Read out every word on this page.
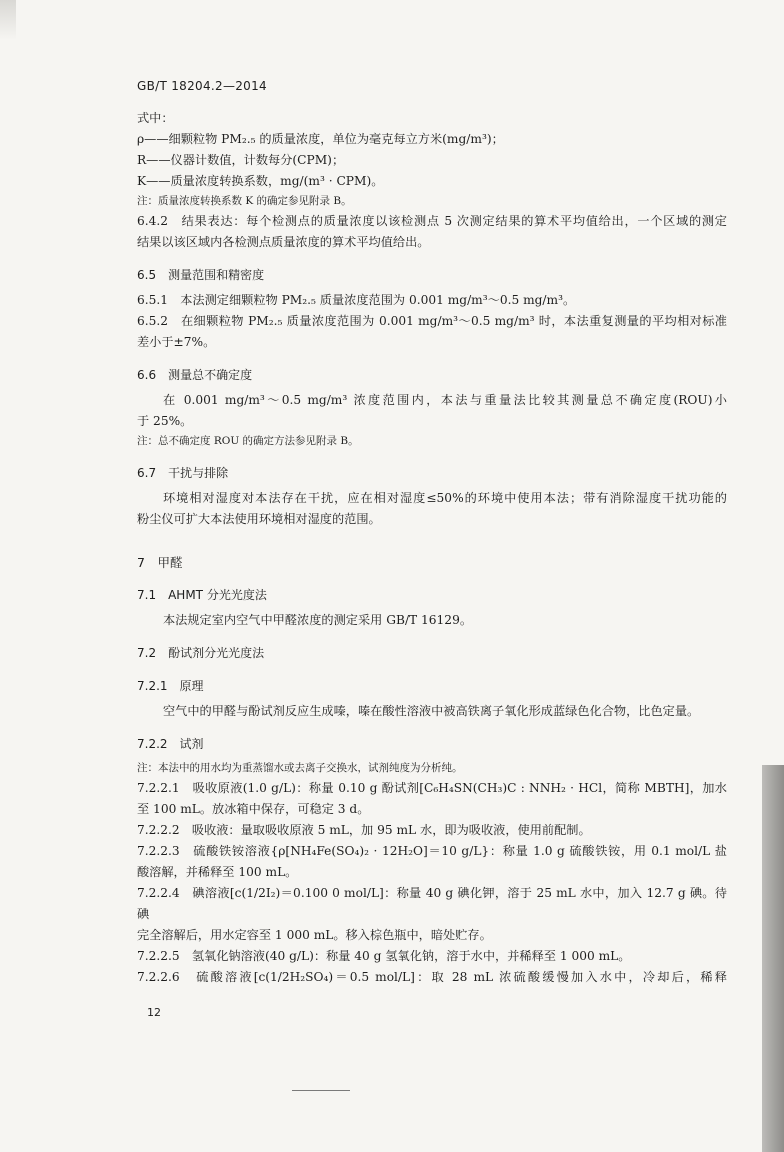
GB/T 18204.2—2014
式中：
ρ——细颗粒物 PM₂.₅ 的质量浓度，单位为毫克每立方米(mg/m³)；
R——仪器计数值，计数每分(CPM)；
K——质量浓度转换系数，mg/(m³ · CPM)。
注：质量浓度转换系数 K 的确定参见附录 B。
6.4.2　结果表达：每个检测点的质量浓度以该检测点 5 次测定结果的算术平均值给出，一个区域的测定
结果以该区域内各检测点质量浓度的算术平均值给出。
6.5　测量范围和精密度
6.5.1　本法测定细颗粒物 PM₂.₅ 质量浓度范围为 0.001 mg/m³～0.5 mg/m³。
6.5.2　在细颗粒物 PM₂.₅ 质量浓度范围为 0.001 mg/m³～0.5 mg/m³ 时，本法重复测量的平均相对标准
差小于±7%。
6.6　测量总不确定度
在 0.001 mg/m³～0.5 mg/m³ 浓度范围内，本法与重量法比较其测量总不确定度(ROU)小
于 25%。
注：总不确定度 ROU 的确定方法参见附录 B。
6.7　干扰与排除
环境相对湿度对本法存在干扰，应在相对湿度≤50%的环境中使用本法；带有消除湿度干扰功能的
粉尘仪可扩大本法使用环境相对湿度的范围。
7　甲醛
7.1　AHMT 分光光度法
本法规定室内空气中甲醛浓度的测定采用 GB/T 16129。
7.2　酚试剂分光光度法
7.2.1　原理
空气中的甲醛与酚试剂反应生成嗪，嗪在酸性溶液中被高铁离子氧化形成蓝绿色化合物，比色定量。
7.2.2　试剂
注：本法中的用水均为重蒸馏水或去离子交换水，试剂纯度为分析纯。
7.2.2.1　吸收原液(1.0 g/L)：称量 0.10 g 酚试剂[C₆H₄SN(CH₃)C : NNH₂ · HCl，简称 MBTH]，加水
至 100 mL。放冰箱中保存，可稳定 3 d。
7.2.2.2　吸收液：量取吸收原液 5 mL，加 95 mL 水，即为吸收液，使用前配制。
7.2.2.3　硫酸铁铵溶液{ρ[NH₄Fe(SO₄)₂ · 12H₂O]＝10 g/L}：称量 1.0 g 硫酸铁铵，用 0.1 mol/L 盐
酸溶解，并稀释至 100 mL。
7.2.2.4　碘溶液[c(1/2I₂)＝0.100 0 mol/L]：称量 40 g 碘化钾，溶于 25 mL 水中，加入 12.7 g 碘。待碘
完全溶解后，用水定容至 1 000 mL。移入棕色瓶中，暗处贮存。
7.2.2.5　氢氧化钠溶液(40 g/L)：称量 40 g 氢氧化钠，溶于水中，并稀释至 1 000 mL。
7.2.2.6　硫酸溶液[c(1/2H₂SO₄)＝0.5 mol/L]：取 28 mL 浓硫酸缓慢加入水中，冷却后，稀释
12
